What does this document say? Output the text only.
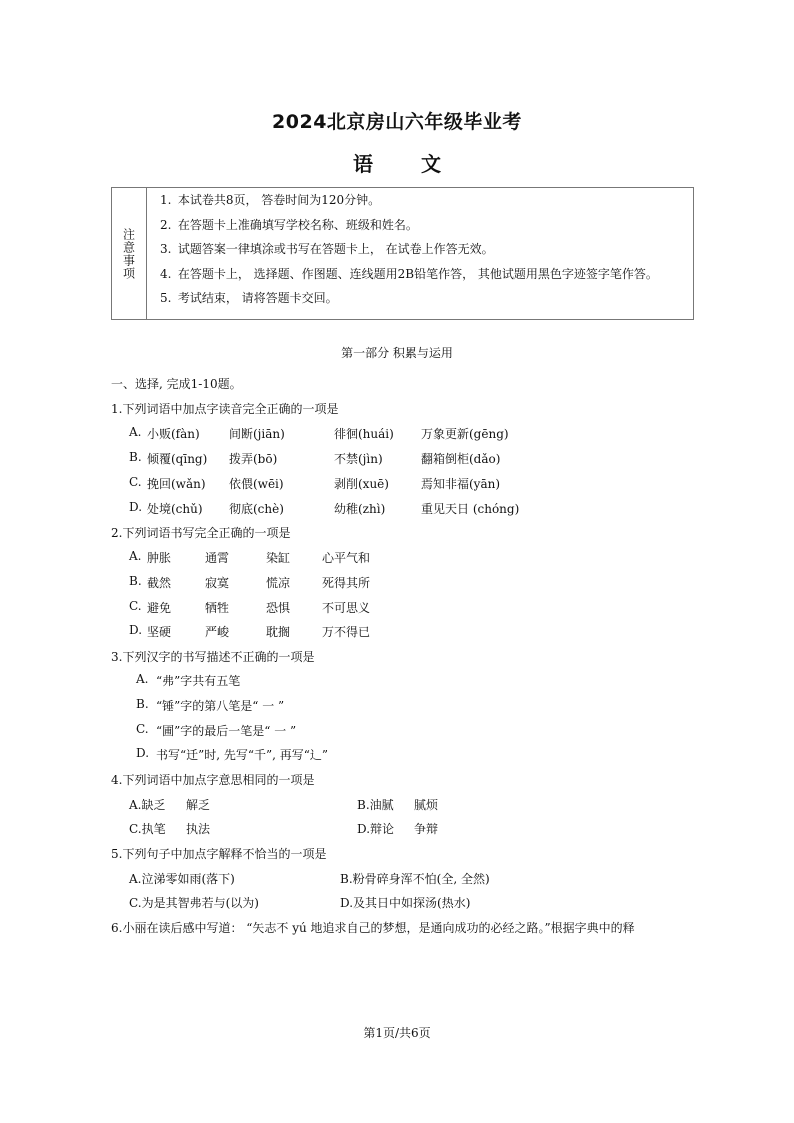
2024北京房山六年级毕业考
语 文
注意事项
1. 本试卷共8页， 答卷时间为120分钟。
2. 在答题卡上准确填写学校名称、班级和姓名。
3. 试题答案一律填涂或书写在答题卡上， 在试卷上作答无效。
4. 在答题卡上， 选择题、作图题、连线题用2B铅笔作答， 其他试题用黑色字迹签字笔作答。
5. 考试结束， 请将答题卡交回。
第一部分 积累与运用
一、选择, 完成1-10题。
1.下列词语中加点字读音完全正确的一项是
A. 小贩(fàn) 间断(jiān)	徘徊(huái) 万象更新(gēng)
B. 倾覆(qīng) 拨弄(bō)	不禁(jìn)	翻箱倒柜(dǎo)
C. 挽回(wǎn) 依偎(wēi)	剥削(xuē)	焉知非福(yān)
D. 处境(chǔ) 彻底(chè)	幼稚(zhì)	重见天日 (chóng)
2.下列词语书写完全正确的一项是
A. 肿胀	通霄	染缸	心平气和
B. 截然	寂寞	慌凉	死得其所
C. 避免	牺牲	恐惧	不可思义
D. 坚硬	严峻	耽搁	万不得已
3.下列汉字的书写描述不正确的一项是
A. “弗”字共有五笔
B. “锤”字的第八笔是“ 一 ”
C. “圃”字的最后一笔是“ 一 ”
D. 书写“迁”时, 先写“千”, 再写“辶”
4.下列词语中加点字意思相同的一项是
A.缺乏 解乏	B.油腻 腻烦
C.执笔 执法	D.辩论 争辩
5.下列句子中加点字解释不恰当的一项是
A.泣涕零如雨(落下)	B.粉骨碎身浑不怕(全, 全然)
C.为是其智弗若与(以为)	D.及其日中如探汤(热水)
6.小丽在读后感中写道： “矢志不 yú 地追求自己的梦想，是通向成功的必经之路。”根据字典中的释
第1页/共6页
